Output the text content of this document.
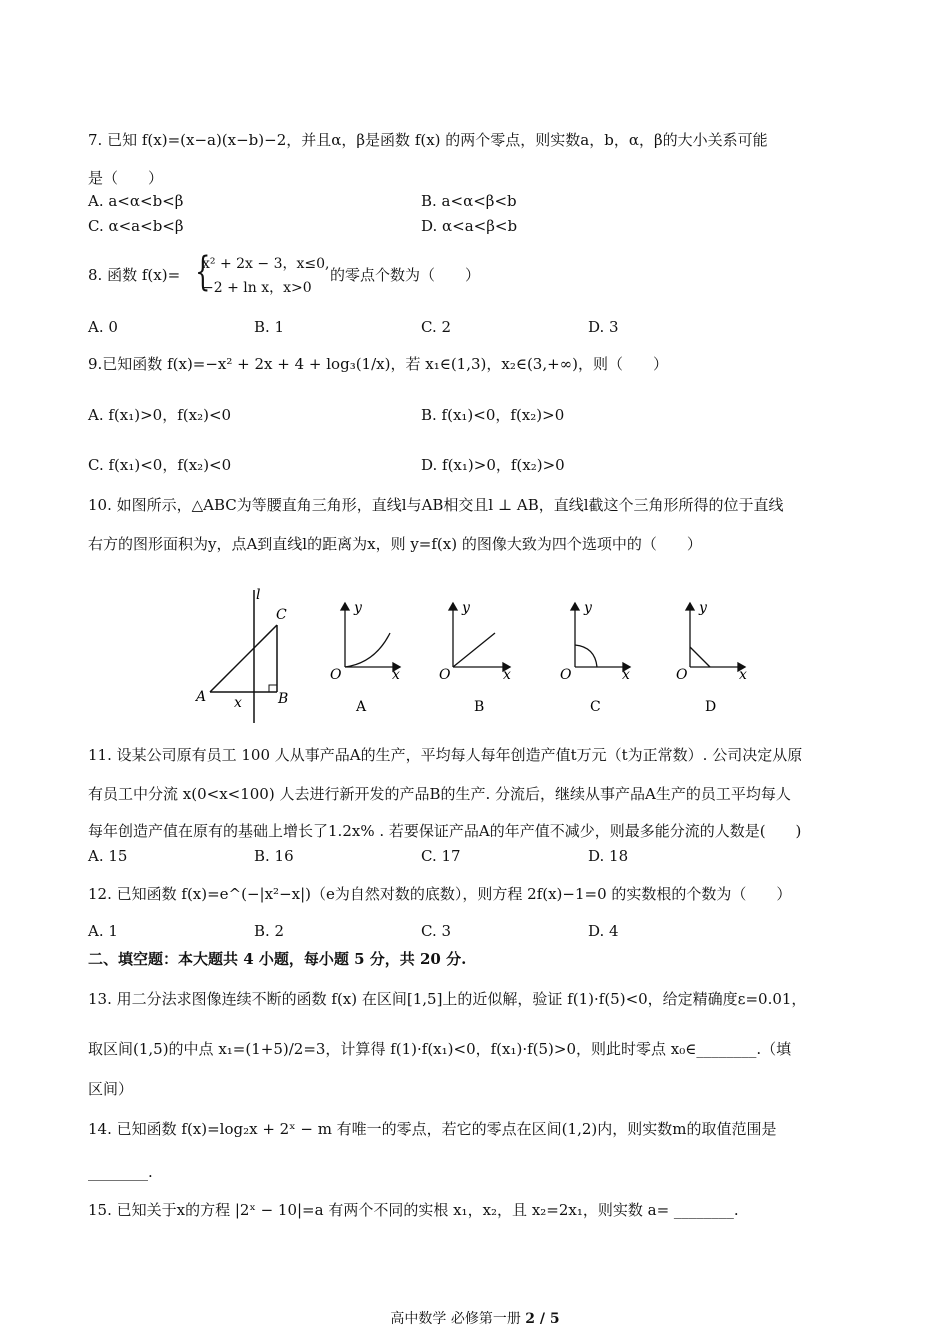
7. 已知 f(x)=(x−a)(x−b)−2，并且α，β是函数 f(x) 的两个零点，则实数a，b，α，β的大小关系可能
是（　　）
A. a<α<b<β	B. a<α<β<b
C. α<a<b<β	D. α<a<β<b
8. 函数 f(x)= {
x² + 2x − 3，x≤0,
−2 + ln x，x>0
的零点个数为（　　）
A. 0	B. 1	C. 2	D. 3
9.已知函数 f(x)=−x² + 2x + 4 + log₃(1/x)，若 x₁∈(1,3)，x₂∈(3,+∞)，则（　　）
A. f(x₁)>0，f(x₂)<0	B. f(x₁)<0，f(x₂)>0
C. f(x₁)<0，f(x₂)<0	D. f(x₁)>0，f(x₂)>0
10. 如图所示，△ABC为等腰直角三角形，直线l与AB相交且l ⊥ AB，直线l截这个三角形所得的位于直线
右方的图形面积为y，点A到直线l的距离为x，则 y=f(x) 的图像大致为四个选项中的（　　）
l
C
A	B
x
y
O	x
A
y
O	x
B
y
O	x
C
y
O	x
D
11. 设某公司原有员工 100 人从事产品A的生产，平均每人每年创造产值t万元（t为正常数）. 公司决定从原
有员工中分流 x(0<x<100) 人去进行新开发的产品B的生产. 分流后，继续从事产品A生产的员工平均每人
每年创造产值在原有的基础上增长了1.2x% . 若要保证产品A的年产值不减少，则最多能分流的人数是(　　)
A. 15	B. 16	C. 17	D. 18
12. 已知函数 f(x)=e^(−|x²−x|)（e为自然对数的底数），则方程 2f(x)−1=0 的实数根的个数为（　　）
A. 1	B. 2	C. 3	D. 4
二、填空题：本大题共 4 小题，每小题 5 分，共 20 分.
13. 用二分法求图像连续不断的函数 f(x) 在区间[1,5]上的近似解，验证 f(1)·f(5)<0，给定精确度ε=0.01，
取区间(1,5)的中点 x₁=(1+5)/2=3，计算得 f(1)·f(x₁)<0，f(x₁)·f(5)>0，则此时零点 x₀∈________.（填
区间）
14. 已知函数 f(x)=log₂x + 2ˣ − m 有唯一的零点，若它的零点在区间(1,2)内，则实数m的取值范围是
________.
15. 已知关于x的方程 |2ˣ − 10|=a 有两个不同的实根 x₁，x₂，且 x₂=2x₁，则实数 a= ________.
高中数学 必修第一册 2 / 5
